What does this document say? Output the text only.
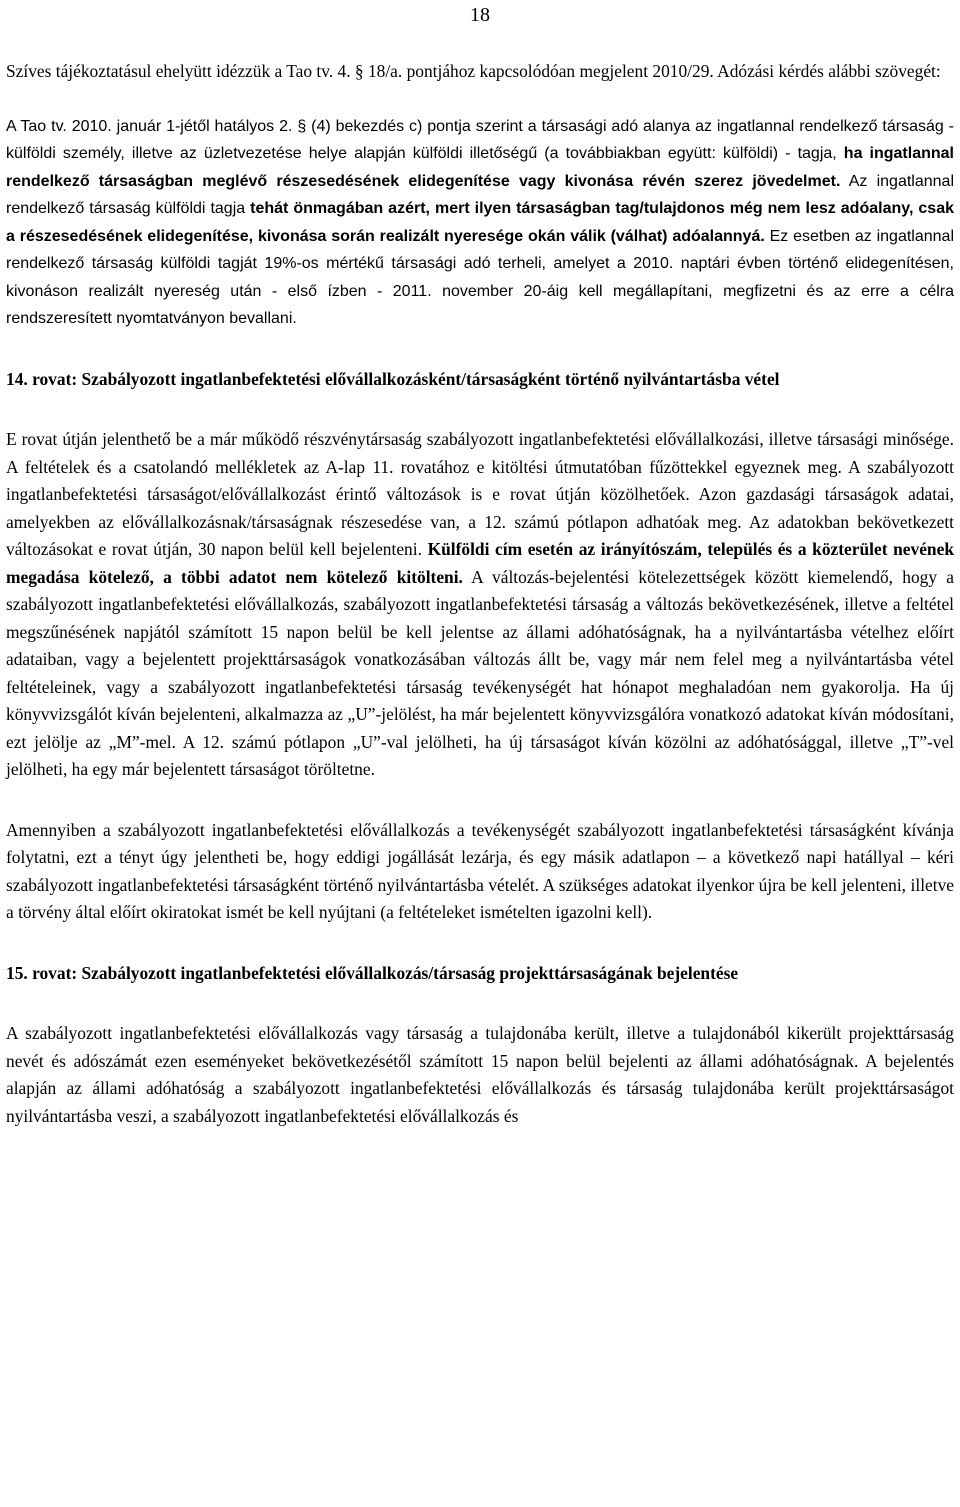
18

Szíves tájékoztatásul ehelyütt idézzük a Tao tv. 4. § 18/a. pontjához kapcsolódóan megjelent 2010/29. Adózási kérdés alábbi szövegét:

A Tao tv. 2010. január 1-jétől hatályos 2. § (4) bekezdés c) pontja szerint a társasági adó alanya az ingatlannal rendelkező társaság - külföldi személy, illetve az üzletvezetése helye alapján külföldi illetőségű (a továbbiakban együtt: külföldi) - tagja, ha ingatlannal rendelkező társaságban meglévő részesedésének elidegenítése vagy kivonása révén szerez jövedelmet. Az ingatlannal rendelkező társaság külföldi tagja tehát önmagában azért, mert ilyen társaságban tag/tulajdonos még nem lesz adóalany, csak a részesedésének elidegenítése, kivonása során realizált nyeresége okán válik (válhat) adóalannyá. Ez esetben az ingatlannal rendelkező társaság külföldi tagját 19%-os mértékű társasági adó terheli, amelyet a 2010. naptári évben történő elidegenítésen, kivonáson realizált nyereség után - első ízben - 2011. november 20-áig kell megállapítani, megfizetni és az erre a célra rendszeresített nyomtatványon bevallani.

14. rovat: Szabályozott ingatlanbefektetési elővállalkozásként/társaságként történő nyilvántartásba vétel

E rovat útján jelenthető be a már működő részvénytársaság szabályozott ingatlanbefektetési elővállalkozási, illetve társasági minősége. A feltételek és a csatolandó mellékletek az A-lap 11. rovatához e kitöltési útmutatóban fűzöttekkel egyeznek meg. A szabályozott ingatlanbefektetési társaságot/elővállalkozást érintő változások is e rovat útján közölhetőek. Azon gazdasági társaságok adatai, amelyekben az elővállalkozásnak/társaságnak részesedése van, a 12. számú pótlapon adhatóak meg. Az adatokban bekövetkezett változásokat e rovat útján, 30 napon belül kell bejelenteni. Külföldi cím esetén az irányítószám, település és a közterület nevének megadása kötelező, a többi adatot nem kötelező kitölteni. A változás-bejelentési kötelezettségek között kiemelendő, hogy a szabályozott ingatlanbefektetési elővállalkozás, szabályozott ingatlanbefektetési társaság a változás bekövetkezésének, illetve a feltétel megszűnésének napjától számított 15 napon belül be kell jelentse az állami adóhatóságnak, ha a nyilvántartásba vételhez előírt adataiban, vagy a bejelentett projekttársaságok vonatkozásában változás állt be, vagy már nem felel meg a nyilvántartásba vétel feltételeinek, vagy a szabályozott ingatlanbefektetési társaság tevékenységét hat hónapot meghaladóan nem gyakorolja. Ha új könyvvizsgálót kíván bejelenteni, alkalmazza az „U”-jelölést, ha már bejelentett könyvvizsgálóra vonatkozó adatokat kíván módosítani, ezt jelölje az „M”-mel. A 12. számú pótlapon „U”-val jelölheti, ha új társaságot kíván közölni az adóhatósággal, illetve „T”-vel jelölheti, ha egy már bejelentett társaságot töröltetne.

Amennyiben a szabályozott ingatlanbefektetési elővállalkozás a tevékenységét szabályozott ingatlanbefektetési társaságként kívánja folytatni, ezt a tényt úgy jelentheti be, hogy eddigi jogállását lezárja, és egy másik adatlapon – a következő napi hatállyal – kéri szabályozott ingatlanbefektetési társaságként történő nyilvántartásba vételét. A szükséges adatokat ilyenkor újra be kell jelenteni, illetve a törvény által előírt okiratokat ismét be kell nyújtani (a feltételeket ismételten igazolni kell).

15. rovat: Szabályozott ingatlanbefektetési elővállalkozás/társaság projekttársaságának bejelentése

A szabályozott ingatlanbefektetési elővállalkozás vagy társaság a tulajdonába került, illetve a tulajdonából kikerült projekttársaság nevét és adószámát ezen eseményeket bekövetkezésétől számított 15 napon belül bejelenti az állami adóhatóságnak. A bejelentés alapján az állami adóhatóság a szabályozott ingatlanbefektetési elővállalkozás és társaság tulajdonába került projekttársaságot nyilvántartásba veszi, a szabályozott ingatlanbefektetési elővállalkozás és
